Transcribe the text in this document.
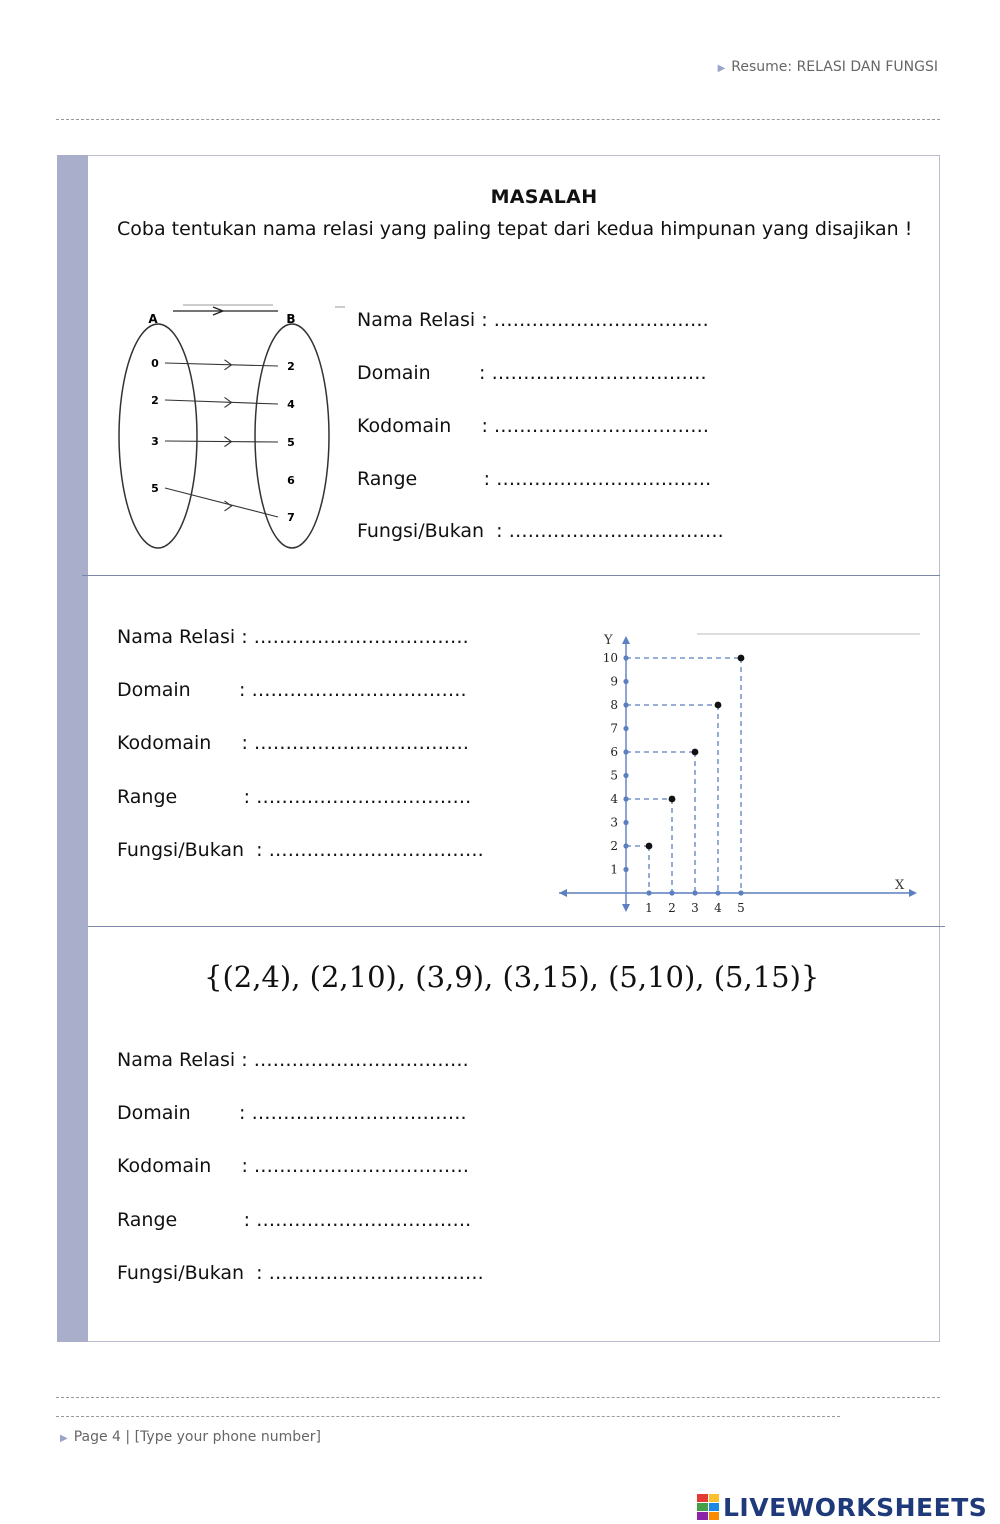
▶ Resume: RELASI DAN FUNGSI
MASALAH
Coba tentukan nama relasi yang paling tepat dari kedua himpunan yang disajikan !
A	B
0
2
3
5
2
4
5
6
7
Nama Relasi : …………………………….
Domain        : …………………………….
Kodomain     : …………………………….
Range           : …………………………….
Fungsi/Bukan  : …………………………….
X
Y
1
2
3
4
5
6
7
8
9
10
1 2 3 4 5
Nama Relasi : …………………………….
Domain        : …………………………….
Kodomain     : …………………………….
Range           : …………………………….
Fungsi/Bukan  : …………………………….
{(2,4), (2,10), (3,9), (3,15), (5,10), (5,15)}
Nama Relasi : …………………………….
Domain        : …………………………….
Kodomain     : …………………………….
Range           : …………………………….
Fungsi/Bukan  : …………………………….
▶ Page 4 | [Type your phone number]
LIVEWORKSHEETS
